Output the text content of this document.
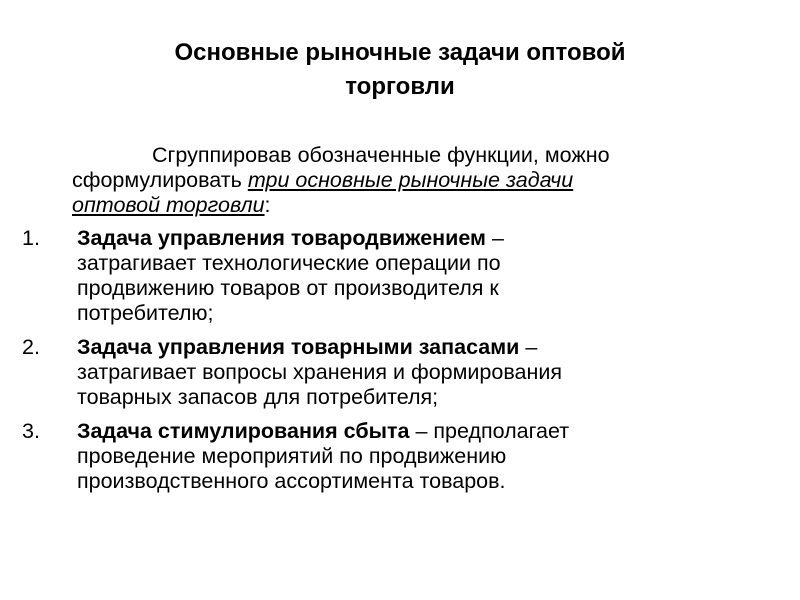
Основные рыночные задачи оптовой
торговли
Сгруппировав обозначенные функции, можно
сформулировать три основные рыночные задачи
оптовой торговли:
1.	Задача управления товародвижением –
затрагивает технологические операции по
продвижению товаров от производителя к
потребителю;
2.	Задача управления товарными запасами –
затрагивает вопросы хранения и формирования
товарных запасов для потребителя;
3.	Задача стимулирования сбыта – предполагает
проведение мероприятий по продвижению
производственного ассортимента товаров.
